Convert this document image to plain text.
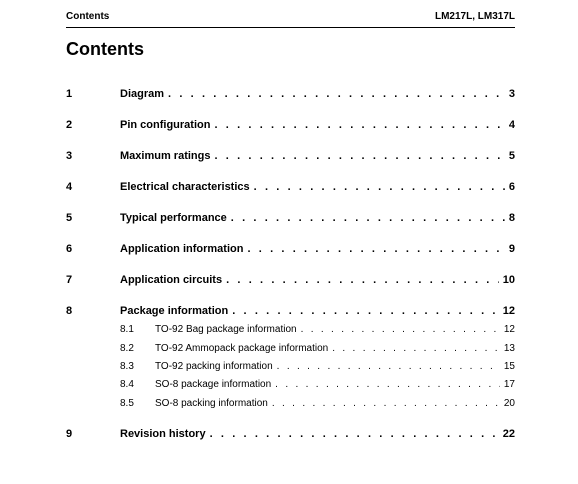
Contents	LM217L, LM317L
Contents
1	Diagram . . .	3
2	Pin configuration . . .	4
3	Maximum ratings . . .	5
4	Electrical characteristics . . .	6
5	Typical performance . . .	8
6	Application information . . .	9
7	Application circuits . . .	10
8	Package information . . .	12
8.1 TO-92 Bag package information . . .	12
8.2 TO-92 Ammopack package information . . .	13
8.3 TO-92 packing information . . .	15
8.4 SO-8 package information . . .	17
8.5 SO-8 packing information . . .	20
9	Revision history . . .	22
